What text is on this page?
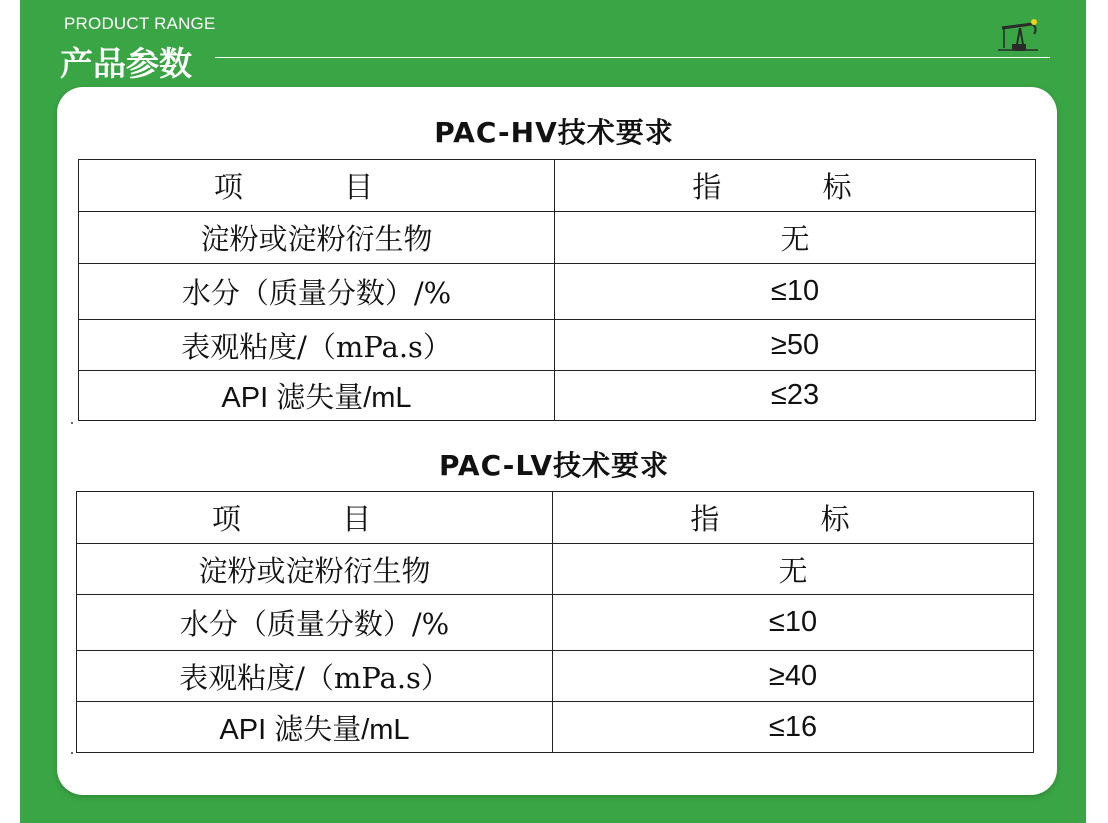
PRODUCT RANGE
产品参数
PAC-HV技术要求
项 目	指 标
淀粉或淀粉衍生物	无
水分（质量分数）/%	≤10
表观粘度/（mPa.s）	≥50
API 滤失量/mL	≤23
PAC-LV技术要求
项 目	指 标
淀粉或淀粉衍生物	无
水分（质量分数）/%	≤10
表观粘度/（mPa.s）	≥40
API 滤失量/mL	≤16
